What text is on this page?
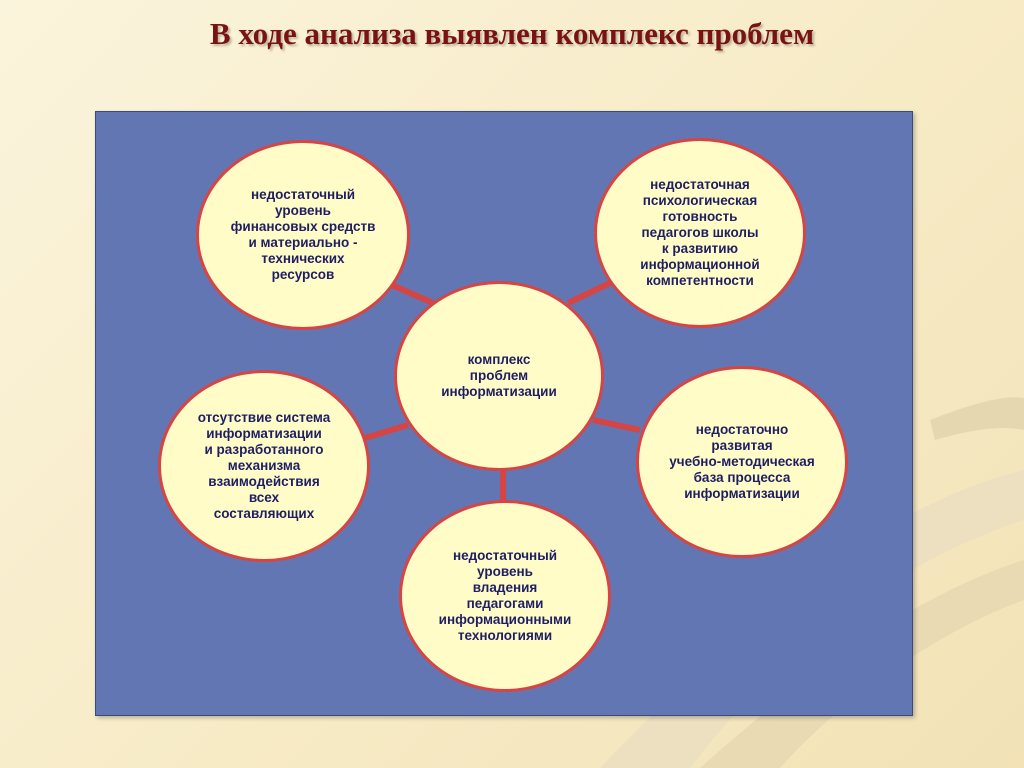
В ходе анализа выявлен комплекс проблем
комплекс
проблем
информатизации
недостаточный
уровень
финансовых средств
и материально -
технических
ресурсов
недостаточная
психологическая
готовность
педагогов школы
к развитию
информационной
компетентности
отсутствие система
информатизации
и разработанного
механизма
взаимодействия
всех
составляющих
недостаточно
развитая
учебно-методическая
база процесса
информатизации
недостаточный
уровень
владения
педагогами
информационными
технологиями
